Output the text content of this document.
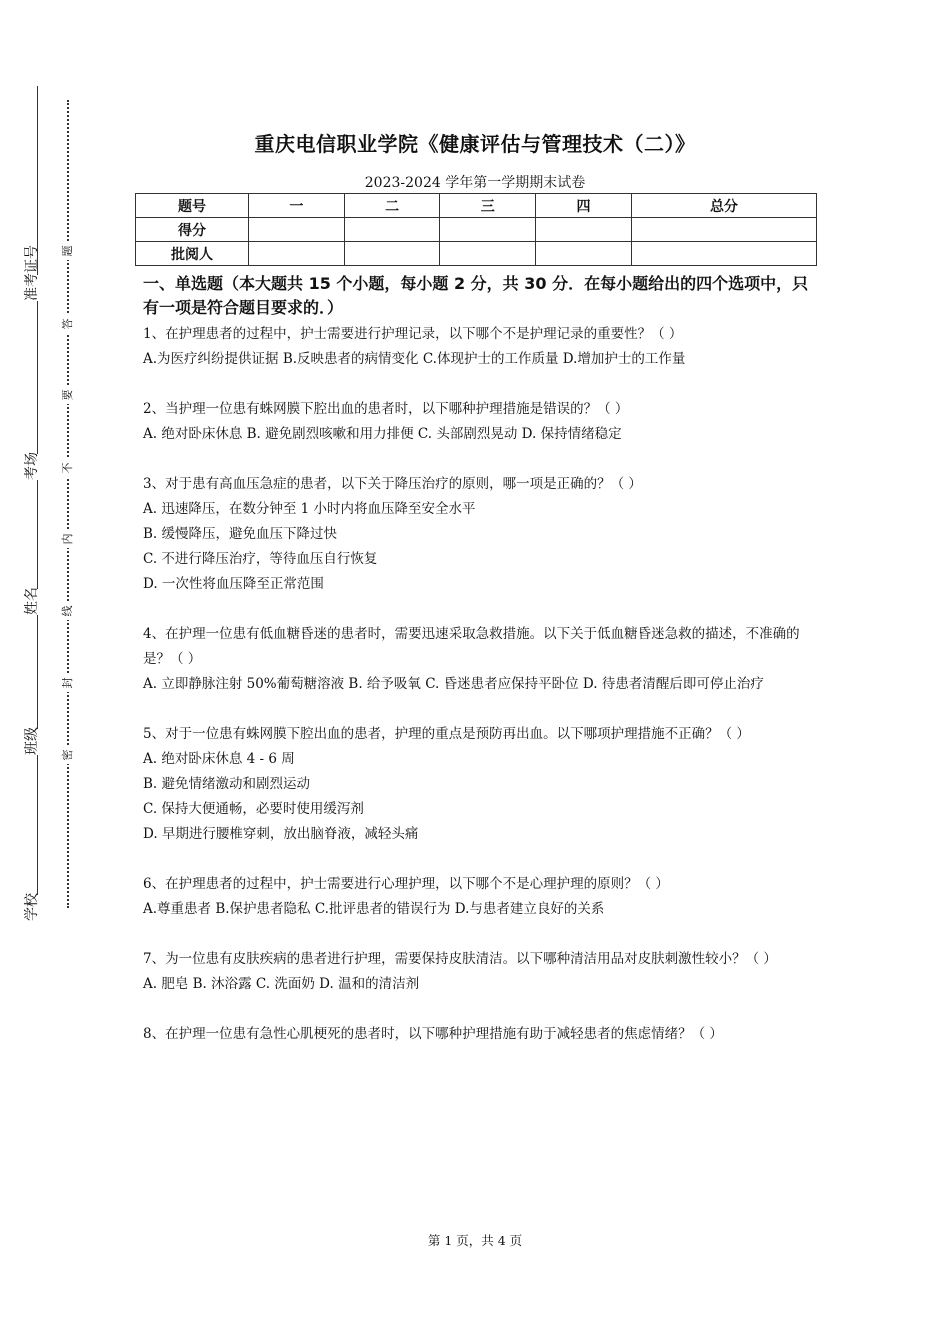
准考证号
考场
姓名
班级
学校
题
答
要
不
内
线
封
密
重庆电信职业学院《健康评估与管理技术（二）》
2023-2024 学年第一学期期末试卷
题号	一	二	三	四	总分
得分					
批阅人					

一、单选题（本大题共 15 个小题，每小题 2 分，共 30 分．在每小题给出的四个选项中，只有一项是符合题目要求的．）

1、在护理患者的过程中，护士需要进行护理记录，以下哪个不是护理记录的重要性？（ ）

A.为医疗纠纷提供证据 B.反映患者的病情变化 C.体现护士的工作质量 D.增加护士的工作量

2、当护理一位患有蛛网膜下腔出血的患者时，以下哪种护理措施是错误的？（ ）

A. 绝对卧床休息 B. 避免剧烈咳嗽和用力排便 C. 头部剧烈晃动 D. 保持情绪稳定

3、对于患有高血压急症的患者，以下关于降压治疗的原则，哪一项是正确的？（ ）

A. 迅速降压，在数分钟至 1 小时内将血压降至安全水平

B. 缓慢降压，避免血压下降过快

C. 不进行降压治疗，等待血压自行恢复

D. 一次性将血压降至正常范围

4、在护理一位患有低血糖昏迷的患者时，需要迅速采取急救措施。以下关于低血糖昏迷急救的描述，不准确的是？（ ）

A. 立即静脉注射 50%葡萄糖溶液 B. 给予吸氧 C. 昏迷患者应保持平卧位 D. 待患者清醒后即可停止治疗

5、对于一位患有蛛网膜下腔出血的患者，护理的重点是预防再出血。以下哪项护理措施不正确？（ ）

A. 绝对卧床休息 4 - 6 周

B. 避免情绪激动和剧烈运动

C. 保持大便通畅，必要时使用缓泻剂

D. 早期进行腰椎穿刺，放出脑脊液，减轻头痛

6、在护理患者的过程中，护士需要进行心理护理，以下哪个不是心理护理的原则？（ ）

A.尊重患者 B.保护患者隐私 C.批评患者的错误行为 D.与患者建立良好的关系

7、为一位患有皮肤疾病的患者进行护理，需要保持皮肤清洁。以下哪种清洁用品对皮肤刺激性较小？（ ）

A. 肥皂 B. 沐浴露 C. 洗面奶 D. 温和的清洁剂

8、在护理一位患有急性心肌梗死的患者时，以下哪种护理措施有助于减轻患者的焦虑情绪？（ ）

第 1 页，共 4 页
